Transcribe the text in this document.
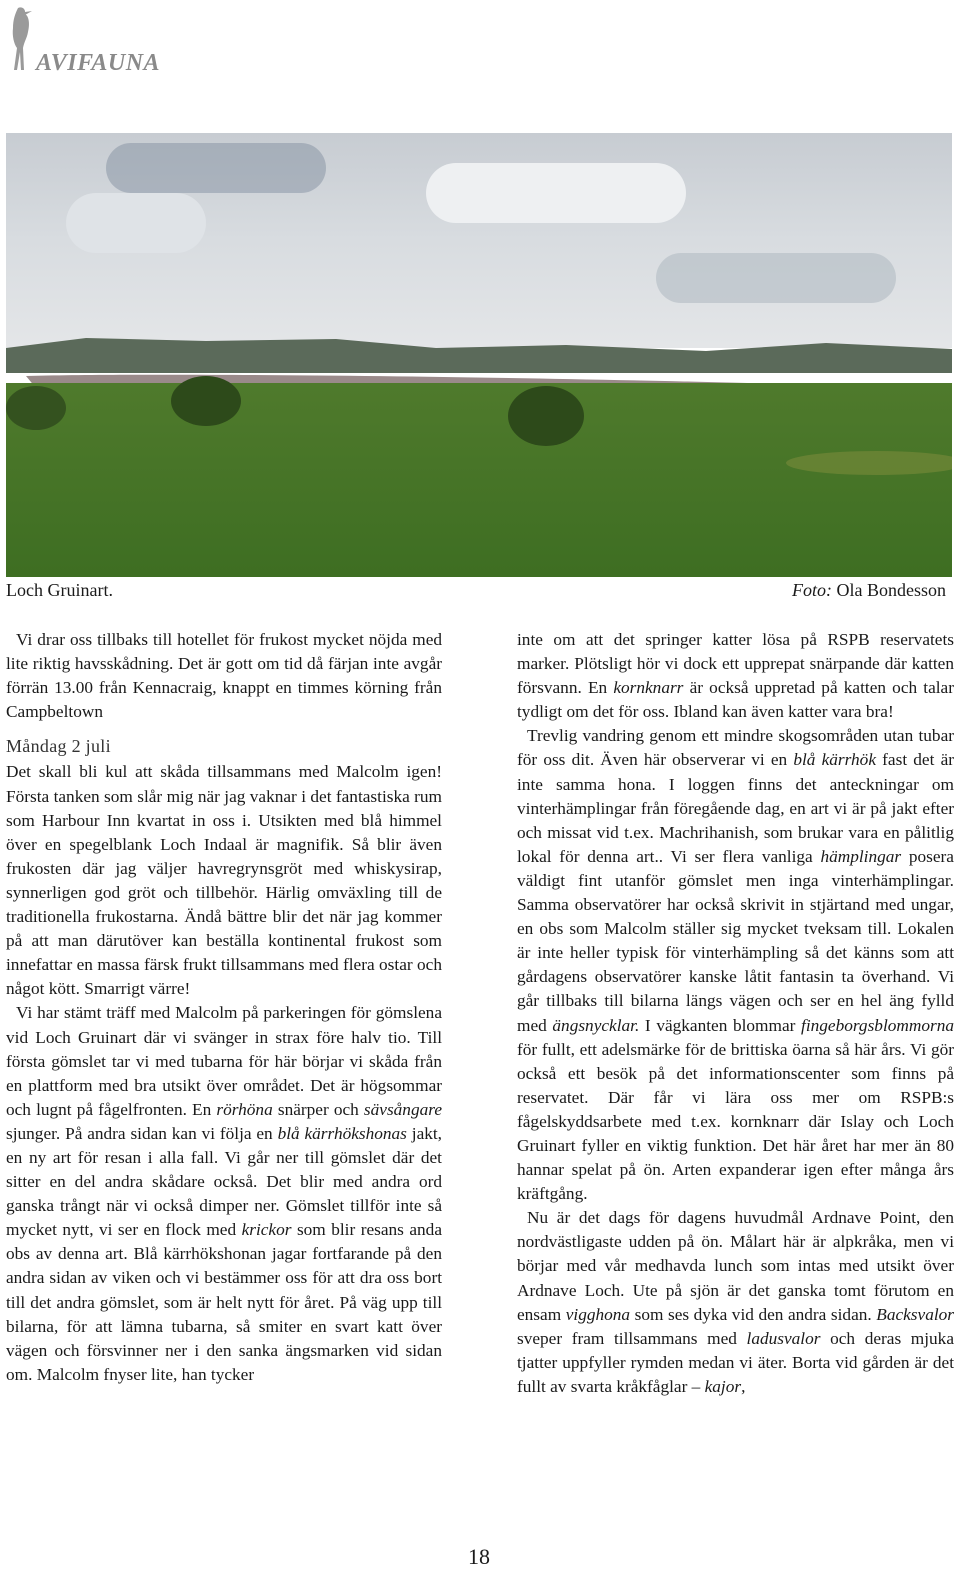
AVIFAUNA
Loch Gruinart.	Foto: Ola Bondesson

Vi drar oss tillbaks till hotellet för frukost mycket nöjda med lite riktig havsskådning. Det är gott om tid då färjan inte avgår förrän 13.00 från Kennacraig, knappt en timmes körning från Campbeltown

Måndag 2 juli

Det skall bli kul att skåda tillsammans med Malcolm igen! Första tanken som slår mig när jag vaknar i det fantastiska rum som Harbour Inn kvartat in oss i. Utsikten med blå himmel över en spegelblank Loch Indaal är magnifik. Så blir även frukosten där jag väljer havregrynsgröt med whiskysirap, synnerligen god gröt och tillbehör. Härlig omväxling till de traditionella frukostarna. Ändå bättre blir det när jag kommer på att man därutöver kan beställa kontinental frukost som innefattar en massa färsk frukt tillsammans med flera ostar och något kött. Smarrigt värre!

Vi har stämt träff med Malcolm på parkeringen för gömslena vid Loch Gruinart där vi svänger in strax före halv tio. Till första gömslet tar vi med tubarna för här börjar vi skåda från en plattform med bra utsikt över området. Det är högsommar och lugnt på fågelfronten. En rörhöna snärper och sävsångare sjunger. På andra sidan kan vi följa en blå kärrhökshonas jakt, en ny art för resan i alla fall. Vi går ner till gömslet där det sitter en del andra skådare också. Det blir med andra ord ganska trångt när vi också dimper ner. Gömslet tillför inte så mycket nytt, vi ser en flock med krickor som blir resans anda obs av denna art. Blå kärrhökshonan jagar fortfarande på den andra sidan av viken och vi bestämmer oss för att dra oss bort till det andra gömslet, som är helt nytt för året. På väg upp till bilarna, för att lämna tubarna, så smiter en svart katt över vägen och försvinner ner i den sanka ängsmarken vid sidan om. Malcolm fnyser lite, han tycker

inte om att det springer katter lösa på RSPB reservatets marker. Plötsligt hör vi dock ett upprepat snärpande där katten försvann. En kornknarr är också uppretad på katten och talar tydligt om det för oss. Ibland kan även katter vara bra!

Trevlig vandring genom ett mindre skogsområden utan tubar för oss dit. Även här observerar vi en blå kärrhök fast det är inte samma hona. I loggen finns det anteckningar om vinterhämplingar från föregående dag, en art vi är på jakt efter och missat vid t.ex. Machrihanish, som brukar vara en pålitlig lokal för denna art.. Vi ser flera vanliga hämplingar posera väldigt fint utanför gömslet men inga vinterhämplingar. Samma observatörer har också skrivit in stjärtand med ungar, en obs som Malcolm ställer sig mycket tveksam till. Lokalen är inte heller typisk för vinterhämpling så det känns som att gårdagens observatörer kanske låtit fantasin ta överhand. Vi går tillbaks till bilarna längs vägen och ser en hel äng fylld med ängsnycklar. I vägkanten blommar fingeborgsblommorna för fullt, ett adelsmärke för de brittiska öarna så här års. Vi gör också ett besök på det informationscenter som finns på reservatet. Där får vi lära oss mer om RSPB:s fågelskyddsarbete med t.ex. kornknarr där Islay och Loch Gruinart fyller en viktig funktion. Det här året har mer än 80 hannar spelat på ön. Arten expanderar igen efter många års kräftgång.

Nu är det dags för dagens huvudmål Ardnave Point, den nordvästligaste udden på ön. Målart här är alpkråka, men vi börjar med vår medhavda lunch som intas med utsikt över Ardnave Loch. Ute på sjön är det ganska tomt förutom en ensam vigghona som ses dyka vid den andra sidan. Backsvalor sveper fram tillsammans med ladusvalor och deras mjuka tjatter uppfyller rymden medan vi äter. Borta vid gården är det fullt av svarta kråkfåglar – kajor,

18
